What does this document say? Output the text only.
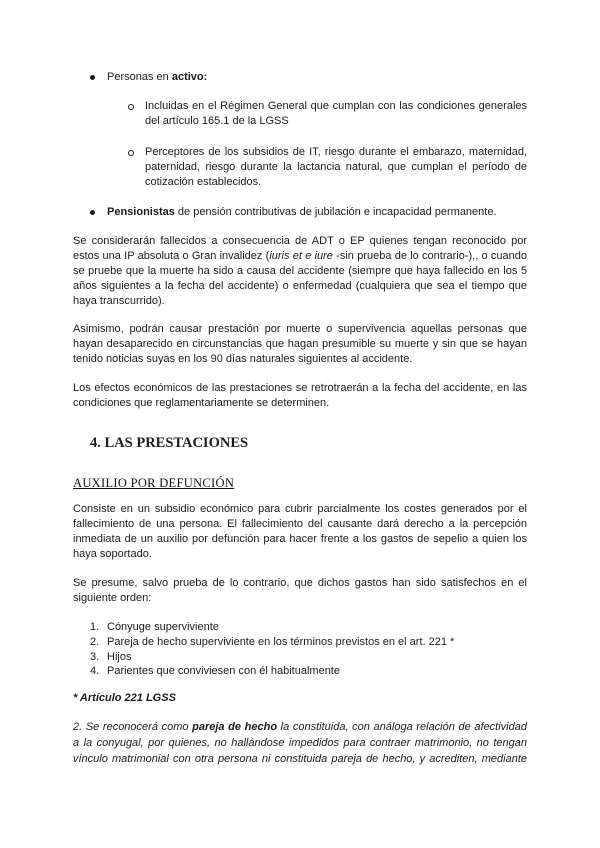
Personas en activo:
Incluidas en el Régimen General que cumplan con las condiciones generales del artículo 165.1 de la LGSS
Perceptores de los subsidios de IT, riesgo durante el embarazo, maternidad, paternidad, riesgo durante la lactancia natural, que cumplan el período de cotización establecidos.
Pensionistas de pensión contributivas de jubilación e incapacidad permanente.

Se considerarán fallecidos a consecuencia de ADT o EP quienes tengan reconocido por estos una IP absoluta o Gran invalidez (iuris et e iure -sin prueba de lo contrario-),, o cuando se pruebe que la muerte ha sido a causa del accidente (siempre que haya fallecido en los 5 años siguientes a la fecha del accidente) o enfermedad (cualquiera que sea el tiempo que haya transcurrido).

Asimismo, podrán causar prestación por muerte o supervivencia aquellas personas que hayan desaparecido en circunstancias que hagan presumible su muerte y sin que se hayan tenido noticias suyas en los 90 días naturales siguientes al accidente.

Los efectos económicos de las prestaciones se retrotraerán a la fecha del accidente, en las condiciones que reglamentariamente se determinen.

4. LAS PRESTACIONES
AUXILIO POR DEFUNCIÓN

Consiste en un subsidio económico para cubrir parcialmente los costes generados por el fallecimiento de una persona. El fallecimiento del causante dará derecho a la percepción inmediata de un auxilio por defunción para hacer frente a los gastos de sepelio a quien los haya soportado.

Se presume, salvo prueba de lo contrario, que dichos gastos han sido satisfechos en el siguiente orden:

1. Cónyuge superviviente
2. Pareja de hecho superviviente en los términos previstos en el art. 221 *
3. Hijos
4. Parientes que conviviesen con él habitualmente

* Artículo 221 LGSS

2. Se reconocerá como pareja de hecho la constituida, con análoga relación de afectividad a la conyugal, por quienes, no hallándose impedidos para contraer matrimonio, no tengan vínculo matrimonial con otra persona ni constituida pareja de hecho, y acrediten, mediante
